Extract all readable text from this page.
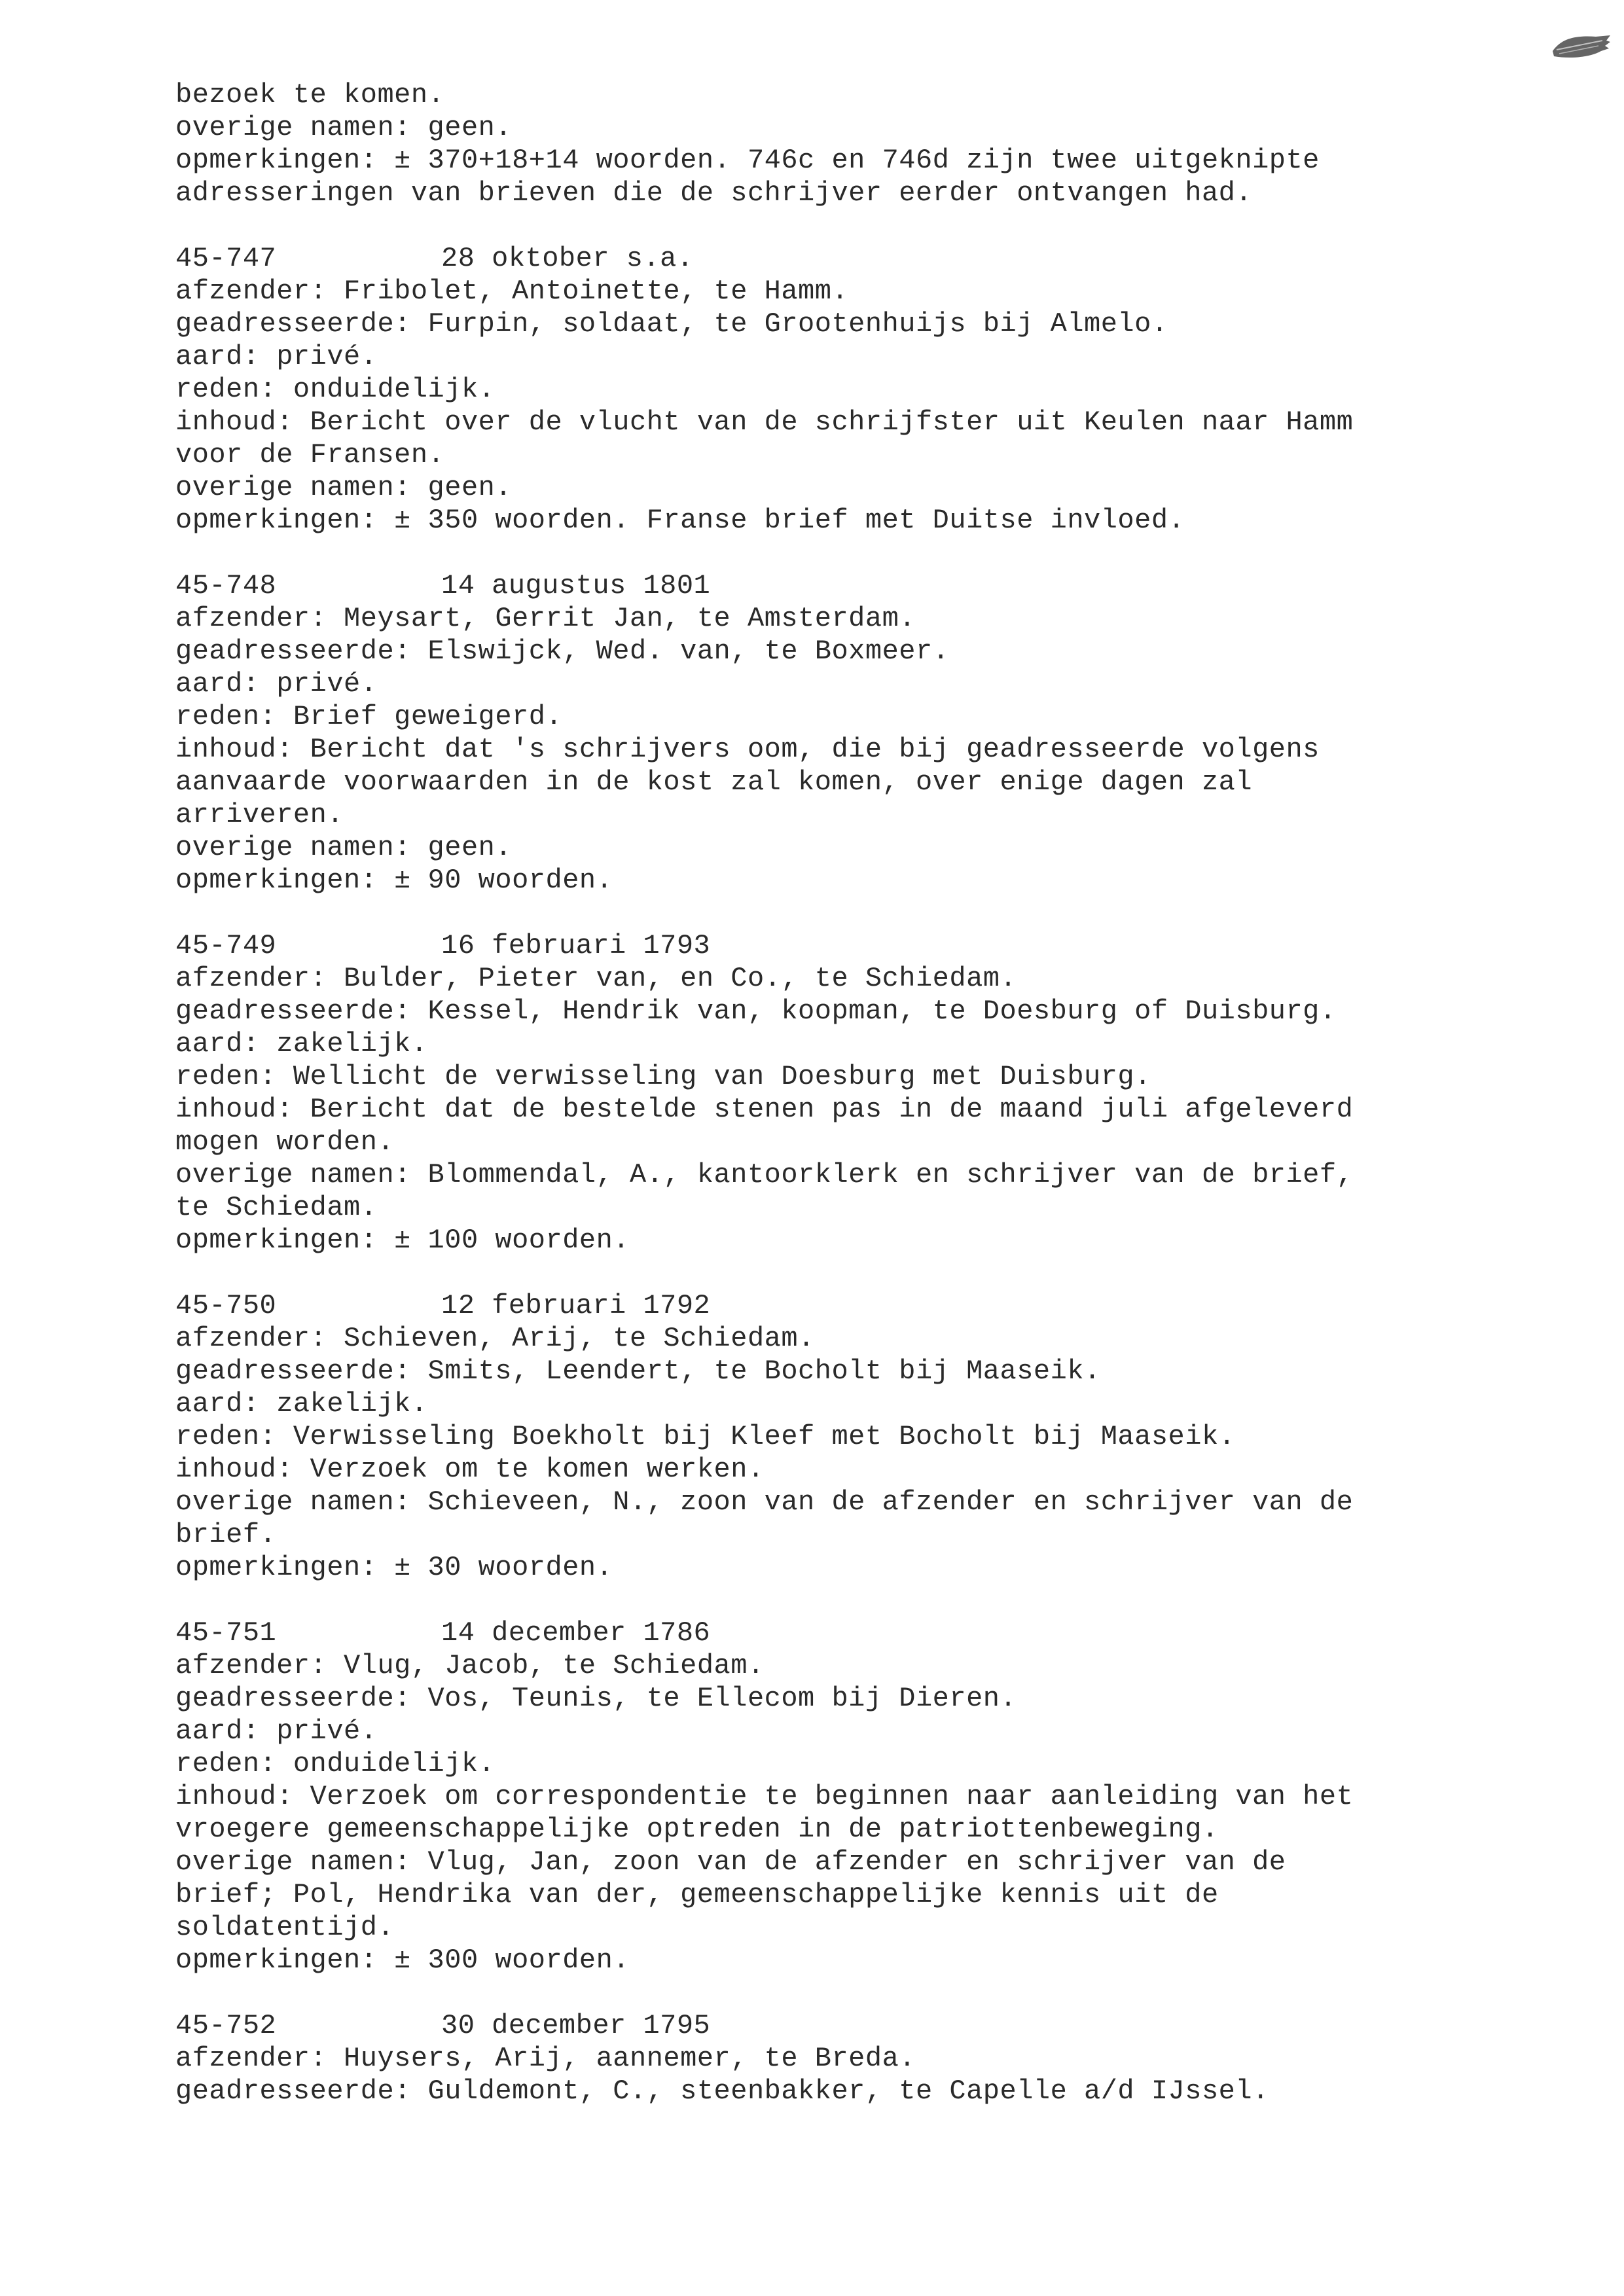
bezoek te komen.
overige namen: geen.
opmerkingen: ± 370+18+14 woorden. 746c en 746d zijn twee uitgeknipte
adresseringen van brieven die de schrijver eerder ontvangen had.
45-747	28 oktober s.a.
afzender: Fribolet, Antoinette, te Hamm.
geadresseerde: Furpin, soldaat, te Grootenhuijs bij Almelo.
aard: privé.
reden: onduidelijk.
inhoud: Bericht over de vlucht van de schrijfster uit Keulen naar Hamm
voor de Fransen.
overige namen: geen.
opmerkingen: ± 350 woorden. Franse brief met Duitse invloed.
45-748	14 augustus 1801
afzender: Meysart, Gerrit Jan, te Amsterdam.
geadresseerde: Elswijck, Wed. van, te Boxmeer.
aard: privé.
reden: Brief geweigerd.
inhoud: Bericht dat 's schrijvers oom, die bij geadresseerde volgens
aanvaarde voorwaarden in de kost zal komen, over enige dagen zal
arriveren.
overige namen: geen.
opmerkingen: ± 90 woorden.
45-749	16 februari 1793
afzender: Bulder, Pieter van, en Co., te Schiedam.
geadresseerde: Kessel, Hendrik van, koopman, te Doesburg of Duisburg.
aard: zakelijk.
reden: Wellicht de verwisseling van Doesburg met Duisburg.
inhoud: Bericht dat de bestelde stenen pas in de maand juli afgeleverd
mogen worden.
overige namen: Blommendal, A., kantoorklerk en schrijver van de brief,
te Schiedam.
opmerkingen: ± 100 woorden.
45-750	12 februari 1792
afzender: Schieven, Arij, te Schiedam.
geadresseerde: Smits, Leendert, te Bocholt bij Maaseik.
aard: zakelijk.
reden: Verwisseling Boekholt bij Kleef met Bocholt bij Maaseik.
inhoud: Verzoek om te komen werken.
overige namen: Schieveen, N., zoon van de afzender en schrijver van de
brief.
opmerkingen: ± 30 woorden.
45-751	14 december 1786
afzender: Vlug, Jacob, te Schiedam.
geadresseerde: Vos, Teunis, te Ellecom bij Dieren.
aard: privé.
reden: onduidelijk.
inhoud: Verzoek om correspondentie te beginnen naar aanleiding van het
vroegere gemeenschappelijke optreden in de patriottenbeweging.
overige namen: Vlug, Jan, zoon van de afzender en schrijver van de
brief; Pol, Hendrika van der, gemeenschappelijke kennis uit de
soldatentijd.
opmerkingen: ± 300 woorden.
45-752	30 december 1795
afzender: Huysers, Arij, aannemer, te Breda.
geadresseerde: Guldemont, C., steenbakker, te Capelle a/d IJssel.
